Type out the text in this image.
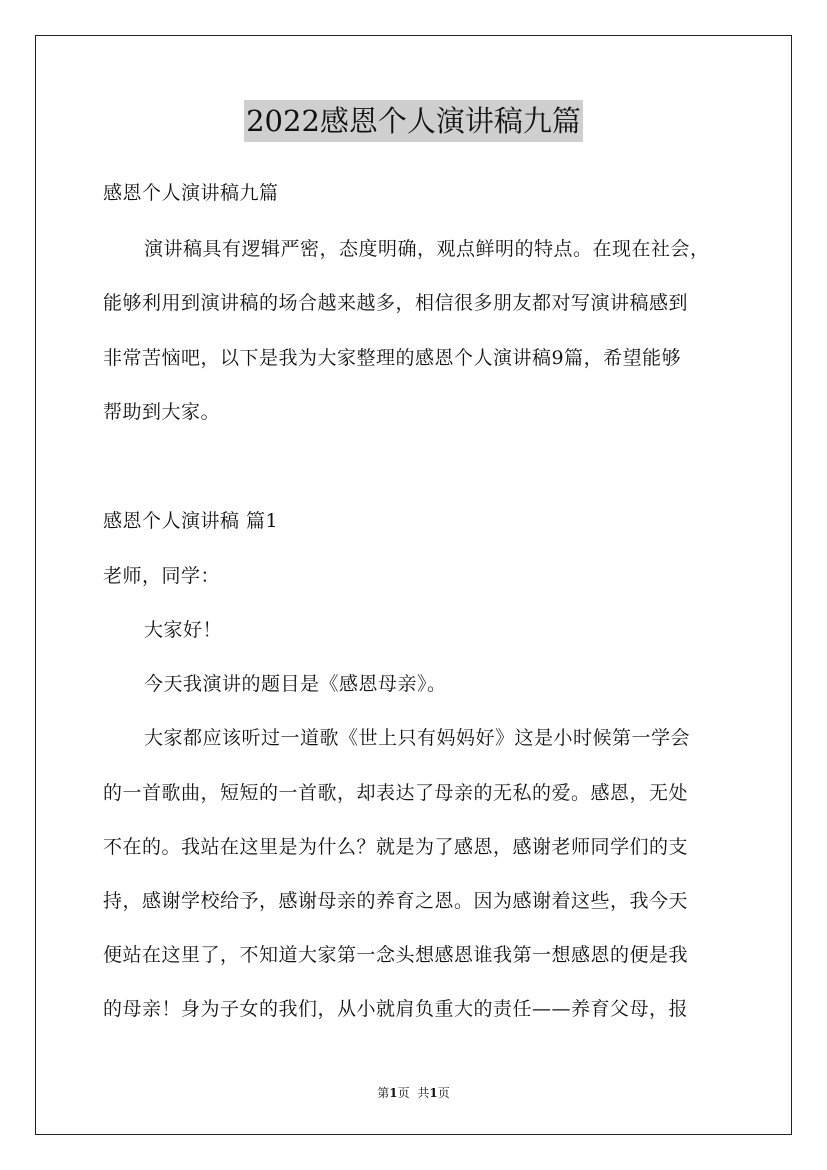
2022感恩个人演讲稿九篇
感恩个人演讲稿九篇
演讲稿具有逻辑严密，态度明确，观点鲜明的特点。在现在社会，
能够利用到演讲稿的场合越来越多，相信很多朋友都对写演讲稿感到
非常苦恼吧，以下是我为大家整理的感恩个人演讲稿9篇，希望能够
帮助到大家。
感恩个人演讲稿 篇1
老师，同学：
大家好！
今天我演讲的题目是《感恩母亲》。
大家都应该听过一道歌《世上只有妈妈好》这是小时候第一学会
的一首歌曲，短短的一首歌，却表达了母亲的无私的爱。感恩，无处
不在的。我站在这里是为什么？就是为了感恩，感谢老师同学们的支
持，感谢学校给予，感谢母亲的养育之恩。因为感谢着这些，我今天
便站在这里了，不知道大家第一念头想感恩谁我第一想感恩的便是我
的母亲！身为子女的我们，从小就肩负重大的责任——养育父母，报
第1页 共1页
